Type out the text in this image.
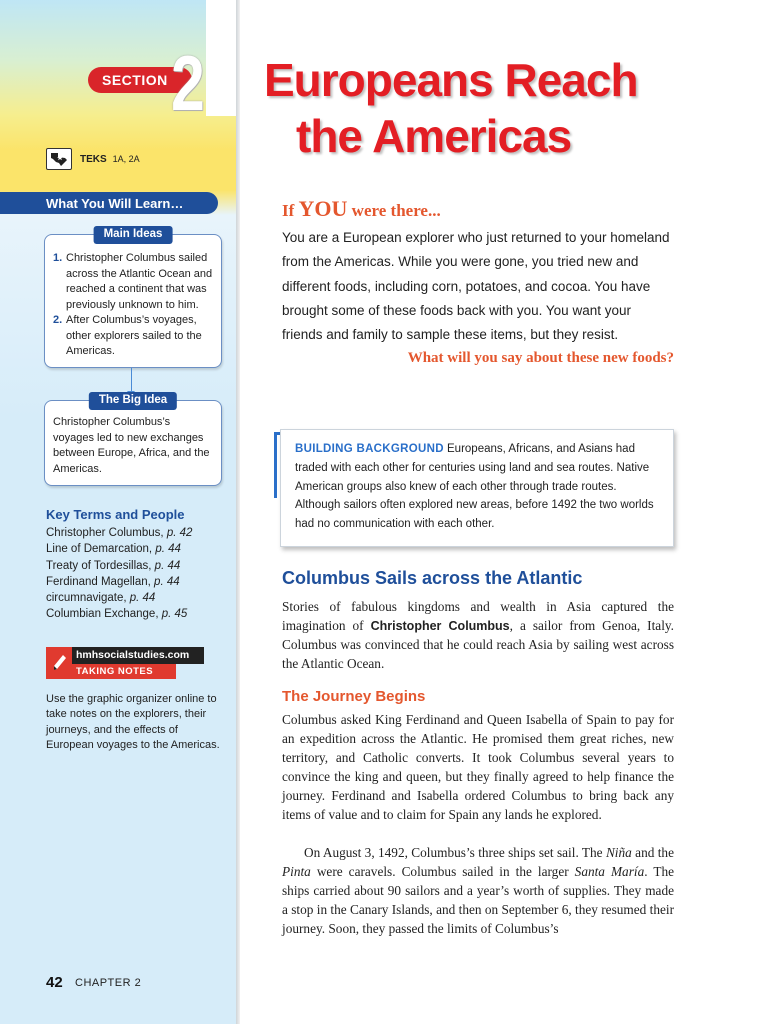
SECTION 2
TEKS 1A, 2A
What You Will Learn…
Main Ideas
1. Christopher Columbus sailed across the Atlantic Ocean and reached a continent that was previously unknown to him.
2. After Columbus’s voyages, other explorers sailed to the Americas.
The Big Idea
Christopher Columbus’s voyages led to new exchanges between Europe, Africa, and the Americas.
Key Terms and People
Christopher Columbus, p. 42
Line of Demarcation, p. 44
Treaty of Tordesillas, p. 44
Ferdinand Magellan, p. 44
circumnavigate, p. 44
Columbian Exchange, p. 45
hmhsocialstudies.com
TAKING NOTES
Use the graphic organizer online to take notes on the explorers, their journeys, and the effects of European voyages to the Americas.
42 CHAPTER 2
Europeans Reach
the Americas
If YOU were there...
You are a European explorer who just returned to your homeland from the Americas. While you were gone, you tried new and different foods, including corn, potatoes, and cocoa. You have brought some of these foods back with you. You want your friends and family to sample these items, but they resist.
What will you say about these new foods?
BUILDING BACKGROUND Europeans, Africans, and Asians had traded with each other for centuries using land and sea routes. Native American groups also knew of each other through trade routes. Although sailors often explored new areas, before 1492 the two worlds had no communication with each other.
Columbus Sails across the Atlantic

Stories of fabulous kingdoms and wealth in Asia captured the imagination of Christopher Columbus, a sailor from Genoa, Italy. Columbus was convinced that he could reach Asia by sailing west across the Atlantic Ocean.

The Journey Begins

Columbus asked King Ferdinand and Queen Isabella of Spain to pay for an expedition across the Atlantic. He promised them great riches, new territory, and Catholic converts. It took Columbus several years to convince the king and queen, but they finally agreed to help finance the journey. Ferdinand and Isabella ordered Columbus to bring back any items of value and to claim for Spain any lands he explored.

On August 3, 1492, Columbus’s three ships set sail. The Niña and the Pinta were caravels. Columbus sailed in the larger Santa María. The ships carried about 90 sailors and a year’s worth of supplies. They made a stop in the Canary Islands, and then on September 6, they resumed their journey. Soon, they passed the limits of Columbus’s
